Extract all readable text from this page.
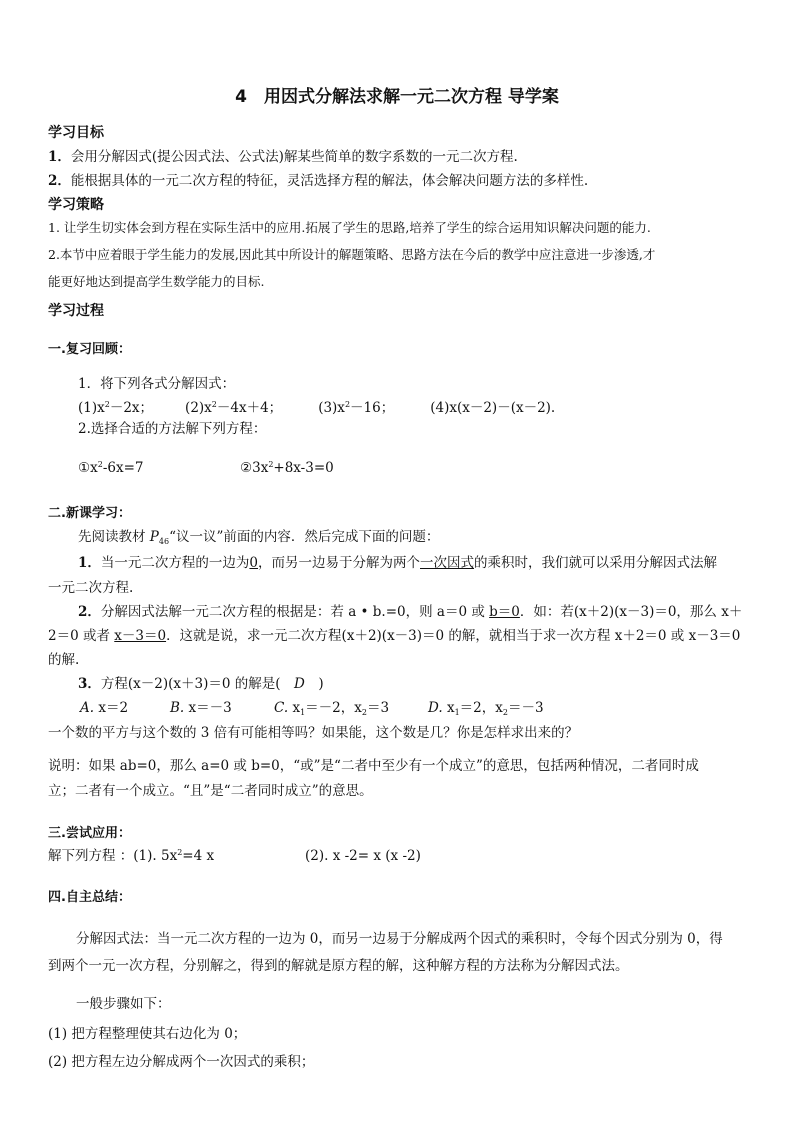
4　用因式分解法求解一元二次方程 导学案
学习目标
1．会用分解因式(提公因式法、公式法)解某些简单的数字系数的一元二次方程.
2．能根据具体的一元二次方程的特征，灵活选择方程的解法，体会解决问题方法的多样性.
学习策略
1. 让学生切实体会到方程在实际生活中的应用.拓展了学生的思路,培养了学生的综合运用知识解决问题的能力.
2.本节中应着眼于学生能力的发展,因此其中所设计的解题策略、思路方法在今后的教学中应注意进一步渗透,才
能更好地达到提高学生数学能力的目标.
学习过程
一.复习回顾：
1．将下列各式分解因式：
$(1)x^2-2x$； $(2)x^2-4x+4$；	$(3)x^2-16$；	(4)x(x－2)－(x－2).
2.选择合适的方法解下列方程：
$①x^2-6x=7$	$②3x^2+8x-3=0$
二.新课学习：
先阅读教材 $P_{46}“$议一议”前面的内容．然后完成下面的问题：
1．当一元二次方程的一边为0，而另一边易于分解为两个一次因式的乘积时，我们就可以采用分解因式法解
一元二次方程.
2．分解因式法解一元二次方程的根据是：若 a • b.=0，则 a＝0 或 b＝0．如：若(x＋2)(x－3)＝0，那么 x＋
2＝0 或者 x－3＝0．这就是说，求一元二次方程(x＋2)(x－3)＝0 的解，就相当于求一次方程 x＋2＝0 或 x－3＝0
的解.
3．方程(x－2)(x＋3)＝0 的解是(　D　)
A. x＝2	B. x＝－3	C. $x_1=-2$，$x_2=3$	D. $x_1=2$，$x_2=-3$
一个数的平方与这个数的 3 倍有可能相等吗？如果能，这个数是几？你是怎样求出来的？
说明：如果 ab=0，那么 a=0 或 b=0，“或”是“二者中至少有一个成立”的意思，包括两种情况，二者同时成
立；二者有一个成立。“且”是“二者同时成立”的意思。
三.尝试应用：
解下列方程 ：(1). $5x^2=4$ x	(2). x -2= x (x -2)
四.自主总结：
分解因式法：当一元二次方程的一边为 0，而另一边易于分解成两个因式的乘积时，令每个因式分别为 0，得
到两个一元一次方程，分别解之，得到的解就是原方程的解，这种解方程的方法称为分解因式法。
一般步骤如下：
(1) 把方程整理使其右边化为 0；
(2) 把方程左边分解成两个一次因式的乘积；
